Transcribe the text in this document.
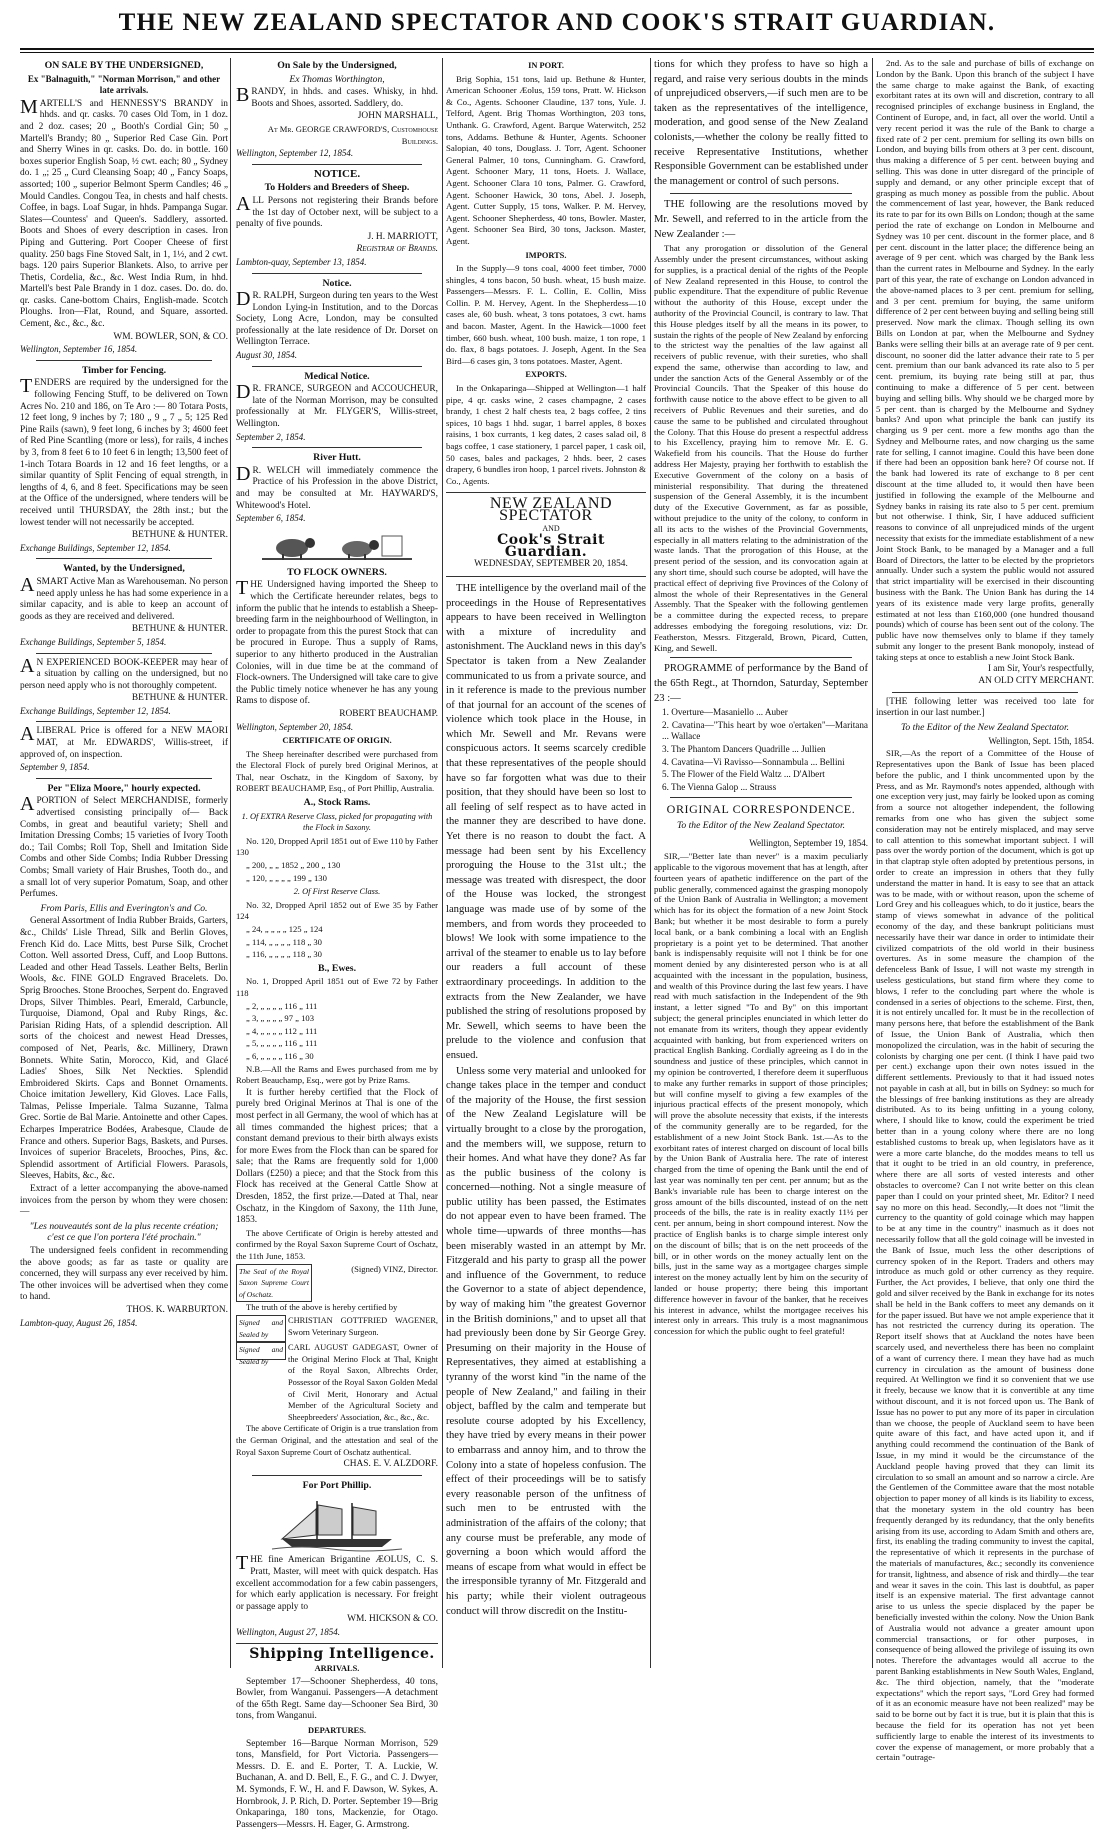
THE NEW ZEALAND SPECTATOR AND COOK'S STRAIT GUARDIAN.

ON SALE BY THE UNDERSIGNED,

Ex "Balnaguith," "Norman Morrison," and other late arrivals.

MARTELL'S and HENNESSY'S BRANDY in hhds. and qr. casks. 70 cases Old Tom, in 1 doz. and 2 doz. cases; 20 „ Booth's Cordial Gin; 50 „ Martell's Brandy; 80 „ Superior Red Case Gin. Port and Sherry Wines in qr. casks. Do. do. in bottle. 160 boxes superior English Soap, ½ cwt. each; 80 „ Sydney do. 1 „; 25 „ Curd Cleansing Soap; 40 „ Fancy Soaps, assorted; 100 „ superior Belmont Sperm Candles; 46 „ Mould Candles. Congou Tea, in chests and half chests. Coffee, in bags. Loaf Sugar, in hhds. Pampanga Sugar. Slates—Countess' and Queen's. Saddlery, assorted. Boots and Shoes of every description in cases. Iron Piping and Guttering. Port Cooper Cheese of first quality. 250 bags Fine Stoved Salt, in 1, 1½, and 2 cwt. bags. 120 pairs Superior Blankets. Also, to arrive per Thetis, Cordelia, &c., &c. West India Rum, in hhd. Martell's best Pale Brandy in 1 doz. cases. Do. do. do. qr. casks. Cane-bottom Chairs, English-made. Scotch Ploughs. Iron—Flat, Round, and Square, assorted. Cement, &c., &c., &c.

WM. BOWLER, SON, & CO.

Wellington, September 16, 1854.

Timber for Fencing.

TENDERS are required by the undersigned for the following Fencing Stuff, to be delivered on Town Acres No. 210 and 186, on Te Aro :— 80 Totara Posts, 12 feet long, 9 inches by 7; 180 „ 9 „ 7 „ 5; 125 Red Pine Rails (sawn), 9 feet long, 6 inches by 3; 4600 feet of Red Pine Scantling (more or less), for rails, 4 inches by 3, from 8 feet 6 to 10 feet 6 in length; 13,500 feet of 1-inch Totara Boards in 12 and 16 feet lengths, or a similar quantity of Split Fencing of equal strength, in lengths of 4, 6, and 8 feet. Specifications may be seen at the Office of the undersigned, where tenders will be received until THURSDAY, the 28th inst.; but the lowest tender will not necessarily be accepted.

BETHUNE & HUNTER.

Exchange Buildings, September 12, 1854.

Wanted, by the Undersigned,

ASMART Active Man as Warehouseman. No person need apply unless he has had some experience in a similar capacity, and is able to keep an account of goods as they are received and delivered.

BETHUNE & HUNTER.

Exchange Buildings, September 5, 1854.

AN EXPERIENCED BOOK-KEEPER may hear of a situation by calling on the undersigned, but no person need apply who is not thoroughly competent.

BETHUNE & HUNTER.

Exchange Buildings, September 12, 1854.

ALIBERAL Price is offered for a NEW MAORI MAT, at Mr. EDWARDS', Willis-street, if approved of, on inspection.

September 9, 1854.

Per "Eliza Moore," hourly expected.

APORTION of Select MERCHANDISE, formerly advertised consisting principally of— Back Combs, in great and beautiful variety; Shell and Imitation Dressing Combs; 15 varieties of Ivory Tooth do.; Tail Combs; Roll Top, Shell and Imitation Side Combs and other Side Combs; India Rubber Dressing Combs; Small variety of Hair Brushes, Tooth do., and a small lot of very superior Pomatum, Soap, and other Perfumes.

From Paris, Ellis and Everington's and Co.

General Assortment of India Rubber Braids, Garters, &c., Childs' Lisle Thread, Silk and Berlin Gloves, French Kid do. Lace Mitts, best Purse Silk, Crochet Cotton. Well assorted Dress, Cuff, and Loop Buttons. Leaded and other Head Tassels. Leather Belts, Berlin Wools, &c. FINE GOLD Engraved Bracelets. Do. Sprig Brooches. Stone Brooches, Serpent do. Engraved Drops, Silver Thimbles. Pearl, Emerald, Carbuncle, Turquoise, Diamond, Opal and Ruby Rings, &c. Parisian Riding Hats, of a splendid description. All sorts of the choicest and newest Head Dresses, composed of Net, Pearls, &c. Millinery, Drawn Bonnets. White Satin, Morocco, Kid, and Glacé Ladies' Shoes, Silk Net Neckties. Splendid Embroidered Skirts. Caps and Bonnet Ornaments. Choice imitation Jewellery, Kid Gloves. Lace Falls, Talmas, Pelisse Imperiale. Talma Suzanne, Talma Grec. Sortie de Bal Marie. Antoinette and other Capes. Echarpes Imperatrice Bodées, Arabesque, Claude de France and others. Superior Bags, Baskets, and Purses. Invoices of superior Bracelets, Brooches, Pins, &c. Splendid assortment of Artificial Flowers. Parasols, Sleeves, Habits, &c., &c.

Extract of a letter accompanying the above-named invoices from the person by whom they were chosen:—

"Les nouveautés sont de la plus recente création; c'est ce que l'on portera l'été prochain."

The undersigned feels confident in recommending the above goods; as far as taste or quality are concerned, they will surpass any ever received by him. The other invoices will be advertised when they come to hand.

THOS. K. WARBURTON.

Lambton-quay, August 26, 1854.

On Sale by the Undersigned,

Ex Thomas Worthington,

BRANDY, in hhds. and cases. Whisky, in hhd. Boots and Shoes, assorted. Saddlery, do.

JOHN MARSHALL,

At Mr. GEORGE CRAWFORD'S, Customhouse Buildings.

Wellington, September 12, 1854.

NOTICE.

To Holders and Breeders of Sheep.

ALL Persons not registering their Brands before the 1st day of October next, will be subject to a penalty of five pounds.

J. H. MARRIOTT,

Registrar of Brands.

Lambton-quay, September 13, 1854.

Notice.

DR. RALPH, Surgeon during ten years to the West London Lying-in Institution, and to the Dorcas Society, Long Acre, London, may be consulted professionally at the late residence of Dr. Dorset on Wellington Terrace.

August 30, 1854.

Medical Notice.

DR. FRANCE, SURGEON and ACCOUCHEUR, late of the Norman Morrison, may be consulted professionally at Mr. FLYGER'S, Willis-street, Wellington.

September 2, 1854.

River Hutt.

DR. WELCH will immediately commence the Practice of his Profession in the above District, and may be consulted at Mr. HAYWARD'S, Whitewood's Hotel.

September 6, 1854.

TO FLOCK OWNERS.

THE Undersigned having imported the Sheep to which the Certificate hereunder relates, begs to inform the public that he intends to establish a Sheep-breeding farm in the neighbourhood of Wellington, in order to propagate from this the purest Stock that can be procured in Europe. Thus a supply of Rams, superior to any hitherto produced in the Australian Colonies, will in due time be at the command of Flock-owners. The Undersigned will take care to give the Public timely notice whenever he has any young Rams to dispose of.

ROBERT BEAUCHAMP.

Wellington, September 20, 1854.

CERTIFICATE OF ORIGIN.

The Sheep hereinafter described were purchased from the Electoral Flock of purely bred Original Merinos, at Thal, near Oschatz, in the Kingdom of Saxony, by ROBERT BEAUCHAMP, Esq., of Port Phillip, Australia.

A., Stock Rams.

1. Of EXTRA Reserve Class, picked for propagating with the Flock in Saxony.

No. 120, Dropped April 1851 out of Ewe 110 by Father 130

„ 200, „ „ 1852 „ 200 „ 130

„ 120, „ „ „ „ 199 „ 130

2. Of First Reserve Class.

No. 32, Dropped April 1852 out of Ewe 35 by Father 124

„ 24, „ „ „ „ 125 „ 124

„ 114, „ „ „ „ 118 „ 30

„ 116, „ „ „ „ 118 „ 30

B., Ewes.

No. 1, Dropped April 1851 out of Ewe 72 by Father 118

„ 2, „ „ „ „ 116 „ 111

„ 3, „ „ „ „ 97 „ 103

„ 4, „ „ „ „ 112 „ 111

„ 5, „ „ „ „ 116 „ 111

„ 6, „ „ „ „ 116 „ 30

N.B.—All the Rams and Ewes purchased from me by Robert Beauchamp, Esq., were got by Prize Rams.

It is further hereby certified that the Flock of purely bred Original Merinos at Thal is one of the most perfect in all Germany, the wool of which has at all times commanded the highest prices; that a constant demand previous to their birth always exists for more Ewes from the Flock than can be spared for sale; that the Rams are frequently sold for 1,000 Dollars (£250) a piece; and that the Stock from this Flock has received at the General Cattle Show at Dresden, 1852, the first prize.—Dated at Thal, near Oschatz, in the Kingdom of Saxony, the 11th June, 1853.

The above Certificate of Origin is hereby attested and confirmed by the Royal Saxon Supreme Court of Oschatz, the 11th June, 1853.

The Seal of the Royal Saxon Supreme Court of Oschatz.
(Signed) VINZ, Director.

The truth of the above is hereby certified by

Signed and Sealed by
CHRISTIAN GOTTFRIED WAGENER, Sworn Veterinary Surgeon.
Signed and Sealed by
CARL AUGUST GADEGAST, Owner of the Original Merino Flock at Thal, Knight of the Royal Saxon, Albrechts Order, Possessor of the Royal Saxon Golden Medal of Civil Merit, Honorary and Actual Member of the Agricultural Society and Sheepbreeders' Association, &c., &c., &c.

The above Certificate of Origin is a true translation from the German Original, and the attestation and seal of the Royal Saxon Supreme Court of Oschatz authentical.

CHAS. E. V. ALZDORF.

For Port Phillip.

THE fine American Brigantine ÆOLUS, C. S. Pratt, Master, will meet with quick despatch. Has excellent accommodation for a few cabin passengers, for which early application is necessary. For freight or passage apply to

WM. HICKSON & CO.

Wellington, August 27, 1854.

Shipping Intelligence.

ARRIVALS.

September 17—Schooner Shepherdess, 40 tons, Bowler, from Wanganui. Passengers—A detachment of the 65th Regt. Same day—Schooner Sea Bird, 30 tons, from Wanganui.

DEPARTURES.

September 16—Barque Norman Morrison, 529 tons, Mansfield, for Port Victoria. Passengers—Messrs. D. E. and E. Porter, T. A. Luckie, W. Buchanan, A. and D. Bell, E., F. G., and C. J. Dwyer, M. Symonds, F. W., H. and F. Dawson, W. Sykes, A. Hornbrook, J. P. Rich, D. Porter. September 19—Brig Onkaparinga, 180 tons, Mackenzie, for Otago. Passengers—Messrs. H. Eager, G. Armstrong.

IN PORT.

Brig Sophia, 151 tons, laid up. Bethune & Hunter, American Schooner Æolus, 159 tons, Pratt. W. Hickson & Co., Agents. Schooner Claudine, 137 tons, Yule. J. Telford, Agent. Brig Thomas Worthington, 203 tons, Unthank. G. Crawford, Agent. Barque Waterwitch, 252 tons, Addams. Bethune & Hunter, Agents. Schooner Salopian, 40 tons, Douglass. J. Torr, Agent. Schooner General Palmer, 10 tons, Cunningham. G. Crawford, Agent. Schooner Mary, 11 tons, Hoets. J. Wallace, Agent. Schooner Clara 10 tons, Palmer. G. Crawford, Agent. Schooner Hawick, 30 tons, Abel. J. Joseph, Agent. Cutter Supply, 15 tons, Walker. P. M. Hervey, Agent. Schooner Shepherdess, 40 tons, Bowler. Master, Agent. Schooner Sea Bird, 30 tons, Jackson. Master, Agent.

IMPORTS.

In the Supply—9 tons coal, 4000 feet timber, 7000 shingles, 4 tons bacon, 50 bush. wheat, 15 bush maize. Passengers—Messrs. F. L. Collin, E. Collin, Miss Collin. P. M. Hervey, Agent. In the Shepherdess—10 cases ale, 60 bush. wheat, 3 tons potatoes, 3 cwt. hams and bacon. Master, Agent. In the Hawick—1000 feet timber, 660 bush. wheat, 100 bush. maize, 1 ton rope, 1 do. flax, 8 bags potatoes. J. Joseph, Agent. In the Sea Bird—6 cases gin, 3 tons potatoes. Master, Agent.

EXPORTS.

In the Onkaparinga—Shipped at Wellington—1 half pipe, 4 qr. casks wine, 2 cases champagne, 2 cases brandy, 1 chest 2 half chests tea, 2 bags coffee, 2 tins spices, 10 bags 1 hhd. sugar, 1 barrel apples, 8 boxes raisins, 1 box currants, 1 keg dates, 2 cases salad oil, 8 bags coffee, 1 case stationery, 1 parcel paper, 1 cask oil, 50 cases, bales and packages, 2 hhds. beer, 2 cases drapery, 6 bundles iron hoop, 1 parcel rivets. Johnston & Co., Agents.

NEW ZEALAND SPECTATOR

AND

Cook's Strait Guardian.

WEDNESDAY, SEPTEMBER 20, 1854.

THE intelligence by the overland mail of the proceedings in the House of Representatives appears to have been received in Wellington with a mixture of incredulity and astonishment. The Auckland news in this day's Spectator is taken from a New Zealander communicated to us from a private source, and in it reference is made to the previous number of that journal for an account of the scenes of violence which took place in the House, in which Mr. Sewell and Mr. Revans were conspicuous actors. It seems scarcely credible that these representatives of the people should have so far forgotten what was due to their position, that they should have been so lost to all feeling of self respect as to have acted in the manner they are described to have done. Yet there is no reason to doubt the fact. A message had been sent by his Excellency proroguing the House to the 31st ult.; the message was treated with disrespect, the door of the House was locked, the strongest language was made use of by some of the members, and from words they proceeded to blows! We look with some impatience to the arrival of the steamer to enable us to lay before our readers a full account of these extraordinary proceedings. In addition to the extracts from the New Zealander, we have published the string of resolutions proposed by Mr. Sewell, which seems to have been the prelude to the violence and confusion that ensued.

Unless some very material and unlooked for change takes place in the temper and conduct of the majority of the House, the first session of the New Zealand Legislature will be virtually brought to a close by the prorogation, and the members will, we suppose, return to their homes. And what have they done? As far as the public business of the colony is concerned—nothing. Not a single measure of public utility has been passed, the Estimates do not appear even to have been framed. The whole time—upwards of three months—has been miserably wasted in an attempt by Mr. Fitzgerald and his party to grasp all the power and influence of the Government, to reduce the Governor to a state of abject dependence, by way of making him "the greatest Governor in the British dominions," and to upset all that had previously been done by Sir George Grey. Presuming on their majority in the House of Representatives, they aimed at establishing a tyranny of the worst kind "in the name of the people of New Zealand," and failing in their object, baffled by the calm and temperate but resolute course adopted by his Excellency, they have tried by every means in their power to embarrass and annoy him, and to throw the Colony into a state of hopeless confusion. The effect of their proceedings will be to satisfy every reasonable person of the unfitness of such men to be entrusted with the administration of the affairs of the colony; that any course must be preferable, any mode of governing a boon which would afford the means of escape from what would in effect be the irresponsible tyranny of Mr. Fitzgerald and his party; while their violent outrageous conduct will throw discredit on the Institu-

tions for which they profess to have so high a regard, and raise very serious doubts in the minds of unprejudiced observers,—if such men are to be taken as the representatives of the intelligence, moderation, and good sense of the New Zealand colonists,—whether the colony be really fitted to receive Representative Institutions, whether Responsible Government can be established under the management or control of such persons.

THE following are the resolutions moved by Mr. Sewell, and referred to in the article from the New Zealander :—

That any prorogation or dissolution of the General Assembly under the present circumstances, without asking for supplies, is a practical denial of the rights of the People of New Zealand represented in this House, to control the public expenditure. That the expenditure of public Revenue without the authority of this House, except under the authority of the Provincial Council, is contrary to law. That this House pledges itself by all the means in its power, to sustain the rights of the people of New Zealand by enforcing to the strictest way the penalties of the law against all receivers of public revenue, with their sureties, who shall expend the same, otherwise than according to law, and under the sanction Acts of the General Assembly or of the Provincial Councils. That the Speaker of this house do forthwith cause notice to the above effect to be given to all receivers of Public Revenues and their sureties, and do cause the same to be published and circulated throughout the Colony. That this House do present a respectful address to his Excellency, praying him to remove Mr. E. G. Wakefield from his councils. That the House do further address Her Majesty, praying her forthwith to establish the Executive Government of the colony on a basis of ministerial responsibility. That during the threatened suspension of the General Assembly, it is the incumbent duty of the Executive Government, as far as possible, without prejudice to the unity of the colony, to conform in all its acts to the wishes of the Provincial Governments, especially in all matters relating to the administration of the waste lands. That the prorogation of this House, at the present period of the session, and its convocation again at any short time, should such course be adopted, will have the practical effect of depriving five Provinces of the Colony of almost the whole of their Representatives in the General Assembly. That the Speaker with the following gentlemen be a committee during the expected recess, to prepare addresses embodying the foregoing resolutions, viz: Dr. Featherston, Messrs. Fitzgerald, Brown, Picard, Cutten, King, and Sewell.

PROGRAMME of performance by the Band of the 65th Regt., at Thorndon, Saturday, September 23 :—

1. Overture—Masaniello ... Auber

2. Cavatina—"This heart by woe o'ertaken"—Maritana ... Wallace

3. The Phantom Dancers Quadrille ... Jullien

4. Cavatina—Vi Ravisso—Sonnambula ... Bellini

5. The Flower of the Field Waltz ... D'Albert

6. The Vienna Galop ... Strauss

ORIGINAL CORRESPONDENCE.

To the Editor of the New Zealand Spectator.

Wellington, September 19, 1854.

SIR,—"Better late than never" is a maxim peculiarly applicable to the vigorous movement that has at length, after fourteen years of apathetic indifference on the part of the public generally, commenced against the grasping monopoly of the Union Bank of Australia in Wellington; a movement which has for its object the formation of a new Joint Stock Bank; but whether it be most desirable to form a purely local bank, or a bank combining a local with an English proprietary is a point yet to be determined. That another bank is indispensably requisite will not I think be for one moment denied by any disinterested person who is at all acquainted with the incessant in the population, business, and wealth of this Province during the last few years. I have read with much satisfaction in the Independent of the 9th instant, a letter signed "To and By" on this important subject; the general principles enunciated in which letter do not emanate from its writers, though they appear evidently acquainted with banking, but from experienced writers on practical English Banking. Cordially agreeing as I do in the soundness and justice of these principles, which cannot in my opinion be controverted, I therefore deem it superfluous to make any further remarks in support of those principles; but will confine myself to giving a few examples of the injurious practical effects of the present monopoly, which will prove the absolute necessity that exists, if the interests of the community generally are to be regarded, for the establishment of a new Joint Stock Bank. 1st.—As to the exorbitant rates of interest charged on discount of local bills by the Union Bank of Australia here. The rate of interest charged from the time of opening the Bank until the end of last year was nominally ten per cent. per annum; but as the Bank's invariable rule has been to charge interest on the gross amount of the bills discounted, instead of on the nett proceeds of the bills, the rate is in reality exactly 11½ per cent. per annum, being in short compound interest. Now the practice of English banks is to charge simple interest only on the discount of bills; that is on the nett proceeds of the bill, or in other words on the money actually lent on the bills, just in the same way as a mortgagee charges simple interest on the money actually lent by him on the security of landed or house property; there being this important difference however in favour of the banker, that he receives his interest in advance, whilst the mortgagee receives his interest only in arrears. This truly is a most magnanimous concession for which the public ought to feel grateful!

2nd. As to the sale and purchase of bills of exchange on London by the Bank. Upon this branch of the subject I have the same charge to make against the Bank, of exacting exorbitant rates at its own will and discretion, contrary to all recognised principles of exchange business in England, the Continent of Europe, and, in fact, all over the world. Until a very recent period it was the rule of the Bank to charge a fixed rate of 2 per cent. premium for selling its own bills on London, and buying bills from others at 3 per cent. discount, thus making a difference of 5 per cent. between buying and selling. This was done in utter disregard of the principle of supply and demand, or any other principle except that of grasping as much money as possible from the public. About the commencement of last year, however, the Bank reduced its rate to par for its own Bills on London; though at the same period the rate of exchange on London in Melbourne and Sydney was 10 per cent. discount in the former place, and 8 per cent. discount in the latter place; the difference being an average of 9 per cent. which was charged by the Bank less than the current rates in Melbourne and Sydney. In the early part of this year, the rate of exchange on London advanced in the above-named places to 3 per cent. premium for selling, and 3 per cent. premium for buying, the same uniform difference of 2 per cent between buying and selling being still preserved. Now mark the climax. Though selling its own Bills on London at par, when the Melbourne and Sydney Banks were selling their bills at an average rate of 9 per cent. discount, no sooner did the latter advance their rate to 5 per cent. premium than our bank advanced its rate also to 5 per cent. premium, its buying rate being still at par, thus continuing to make a difference of 5 per cent. between buying and selling bills. Why should we be charged more by 5 per cent. than is charged by the Melbourne and Sydney banks? And upon what principle the bank can justify its charging us 9 per cent. more a few months ago than the Sydney and Melbourne rates, and now charging us the same rate for selling, I cannot imagine. Could this have been done if there had been an opposition bank here? Of course not. If the bank had lowered its rate of exchange to 8 per cent discount at the time alluded to, it would then have been justified in following the example of the Melbourne and Sydney banks in raising its rate also to 5 per cent. premium but not otherwise. I think, Sir, I have adduced sufficient reasons to convince of all unprejudiced minds of the urgent necessity that exists for the immediate establishment of a new Joint Stock Bank, to be managed by a Manager and a full Board of Directors, the latter to be elected by the proprietors annually. Under such a system the public would not assured that strict impartiality will be exercised in their discounting business with the Bank. The Union Bank has during the 14 years of its existence made very large profits, generally estimated at not less than £160,000 (one hundred thousand pounds) which of course has been sent out of the colony. The public have now themselves only to blame if they tamely submit any longer to the present Bank monopoly, instead of taking steps at once to establish a new Joint Stock Bank.

I am Sir, Your's respectfully,

AN OLD CITY MERCHANT.

[THE following letter was received too late for insertion in our last number.]

To the Editor of the New Zealand Spectator.

Wellington, Sept. 15th, 1854.

SIR,—As the report of a Committee of the House of Representatives upon the Bank of Issue has been placed before the public, and I think uncommented upon by the Press, and as Mr. Raymond's notes appended, although with one exception very just, may fairly be looked upon as coming from a source not altogether independent, the following remarks from one who has given the subject some consideration may not be entirely misplaced, and may serve to call attention to this somewhat important subject. I will pass over the wordy portion of the document, which is got up in that claptrap style often adopted by pretentious persons, in order to create an impression in others that they fully understand the matter in hand. It is easy to see that an attack was to be made, with or without reason, upon the scheme of Lord Grey and his colleagues which, to do it justice, bears the stamp of views somewhat in advance of the political economy of the day, and these bankrupt politicians must necessarily have their war dance in order to intimidate their civilized compatriots of the old world in their business overtures. As in some measure the champion of the defenceless Bank of Issue, I will not waste my strength in useless gesticulations, but stand firm where they come to blows, I refer to the concluding part where the whole is condensed in a series of objections to the scheme. First, then, it is not entirely uncalled for. It must be in the recollection of many persons here, that before the establishment of the Bank of Issue, the Union Bank of Australia, which then monopolized the circulation, was in the habit of securing the colonists by charging one per cent. (I think I have paid two per cent.) exchange upon their own notes issued in the different settlements. Previously to that it had issued notes not payable in cash at all, but in bills on Sydney: so much for the blessings of free banking institutions as they are already distributed. As to its being unfitting in a young colony, where, I should like to know, could the experiment be tried better than in a young colony where there are no long established customs to break up, when legislators have as it were a more carte blanche, do the moddes means to tell us that it ought to be tried in an old country, in preference, where there are all sorts of vested interests and other obstacles to overcome? Can I not write better on this clean paper than I could on your printed sheet, Mr. Editor? I need say no more on this head. Secondly,—It does not "limit the currency to the quantity of gold coinage which may happen to be at any time in the country" inasmuch as it does not necessarily follow that all the gold coinage will be invested in the Bank of Issue, much less the other descriptions of currency spoken of in the Report. Traders and others may introduce as much gold or other currency as they require. Further, the Act provides, I believe, that only one third the gold and silver received by the Bank in exchange for its notes shall be held in the Bank coffers to meet any demands on it for the paper issued. But have we not ample experience that it has not restricted the currency during its operation. The Report itself shows that at Auckland the notes have been scarcely used, and nevertheless there has been no complaint of a want of currency there. I mean they have had as much currency in circulation as the amount of business done required. At Wellington we find it so convenient that we use it freely, because we know that it is convertible at any time without discount, and it is not forced upon us. The Bank of Issue has no power to put any more of its paper in circulation than we choose, the people of Auckland seem to have been quite aware of this fact, and have acted upon it, and if anything could recommend the continuation of the Bank of Issue, in my mind it would be the circumstance of the Auckland people having proved that they can limit its circulation to so small an amount and so narrow a circle. Are the Gentlemen of the Committee aware that the most notable objection to paper money of all kinds is its liability to excess, that the monetary system in the old country has been frequently deranged by its redundancy, that the only benefits arising from its use, according to Adam Smith and others are, first, its enabling the trading community to invest the capital, the representative of which it represents in the purchase of the materials of manufactures, &c.; secondly its convenience for transit, lightness, and absence of risk and thirdly—the tear and wear it saves in the coin. This last is doubtful, as paper itself is an expensive material. The first advantage cannot arise to us unless the specie displaced by the paper be beneficially invested within the colony. Now the Union Bank of Australia would not advance a greater amount upon commercial transactions, or for other purposes, in consequence of being allowed the privilege of issuing its own notes. Therefore the advantages would all accrue to the parent Banking establishments in New South Wales, England, &c. The third objection, namely, that the "moderate expectations" which the report says, "Lord Grey had formed of it as an economic measure have not been realized" may be said to be borne out by fact it is true, but it is plain that this is because the field for its operation has not yet been sufficiently large to enable the interest of its investments to cover the expense of management, or more probably that a certain "outrage-
